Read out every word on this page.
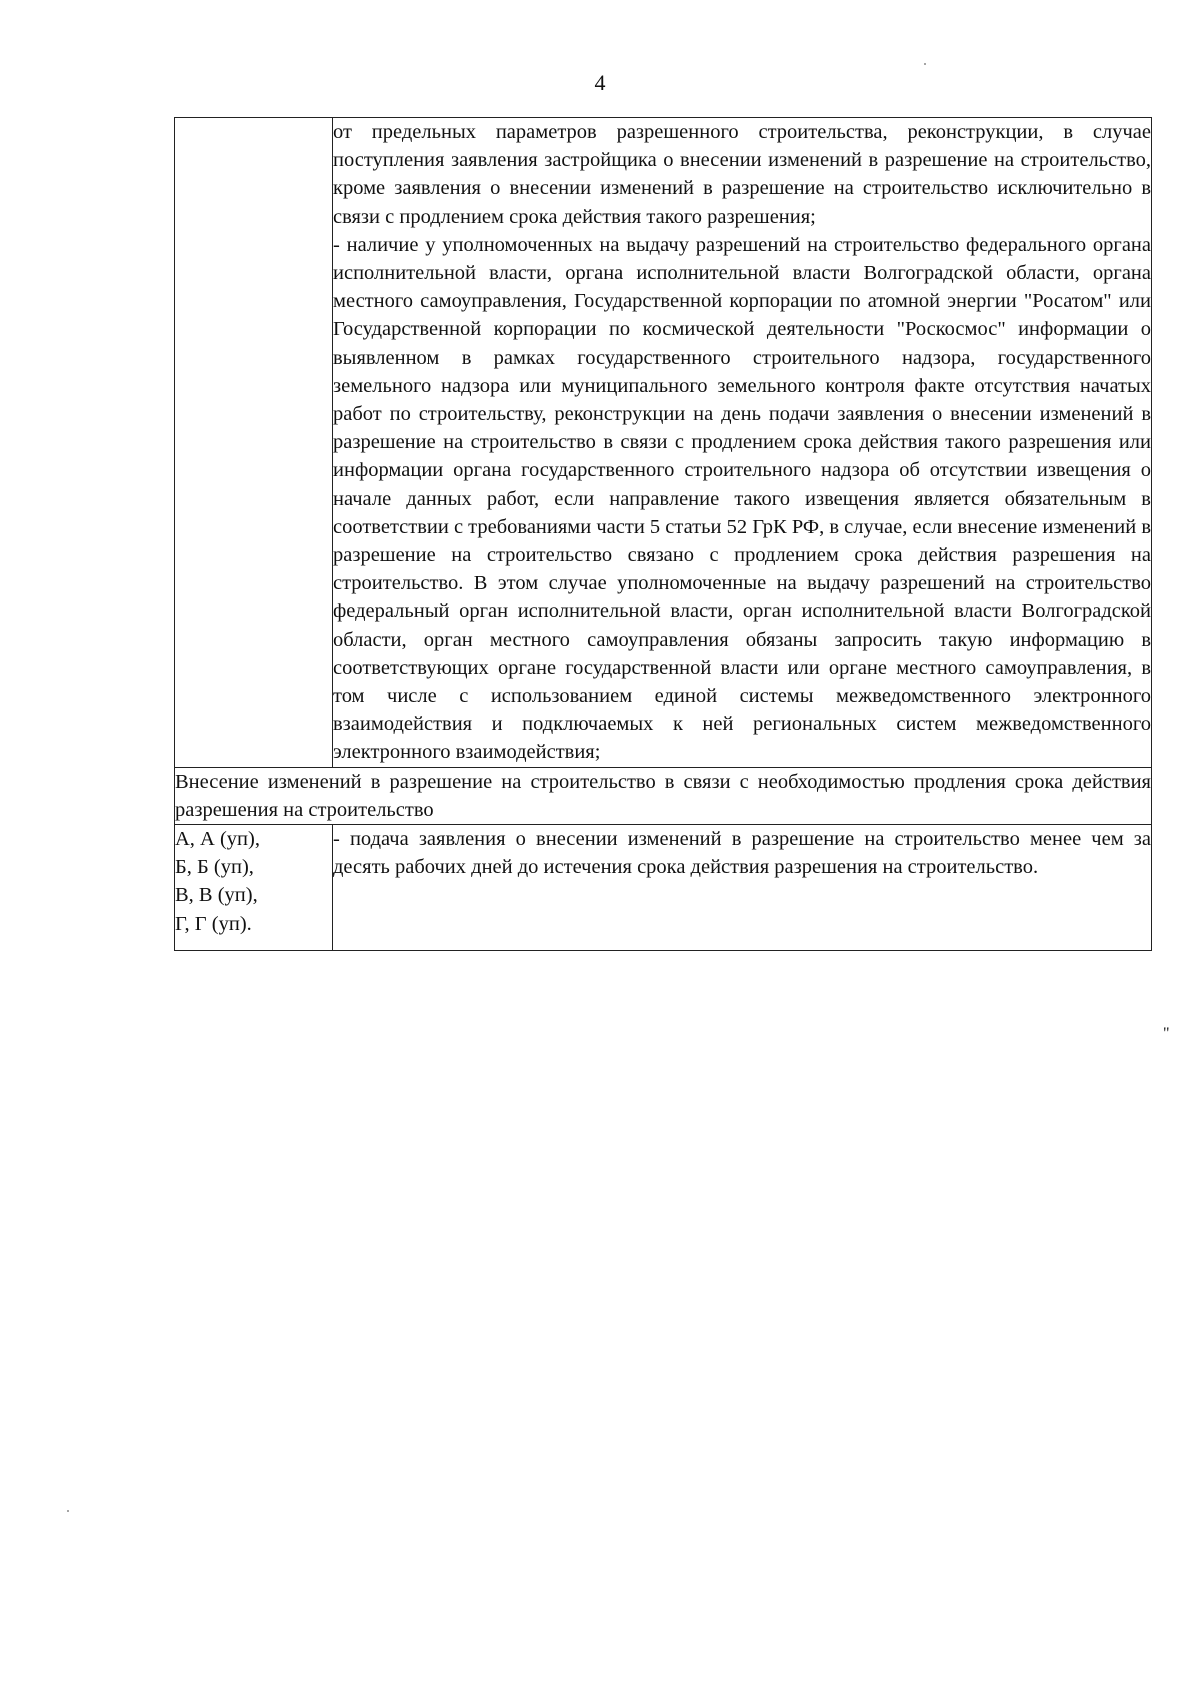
4

	от предельных параметров разрешенного строительства, реконструкции, в случае поступления заявления застройщика о внесении изменений в разрешение на строительство, кроме заявления о внесении изменений в разрешение на строительство исключительно в связи с продлением срока действия такого разрешения;
- наличие у уполномоченных на выдачу разрешений на строительство федерального органа исполнительной власти, органа исполнительной власти Волгоградской области, органа местного самоуправления, Государственной корпорации по атомной энергии "Росатом" или Государственной корпорации по космической деятельности "Роскосмос" информации о выявленном в рамках государственного строительного надзора, государственного земельного надзора или муниципального земельного контроля факте отсутствия начатых работ по строительству, реконструкции на день подачи заявления о внесении изменений в разрешение на строительство в связи с продлением срока действия такого разрешения или информации органа государственного строительного надзора об отсутствии извещения о начале данных работ, если направление такого извещения является обязательным в соответствии с требованиями части 5 статьи 52 ГрК РФ, в случае, если внесение изменений в разрешение на строительство связано с продлением срока действия разрешения на строительство. В этом случае уполномоченные на выдачу разрешений на строительство федеральный орган исполнительной власти, орган исполнительной власти Волгоградской области, орган местного самоуправления обязаны запросить такую информацию в соответствующих органе государственной власти или органе местного самоуправления, в том числе с использованием единой системы межведомственного электронного взаимодействия и подключаемых к ней региональных систем межведомственного электронного взаимодействия;

Внесение изменений в разрешение на строительство в связи с необходимостью продления срока действия разрешения на строительство	

А, А (уп),
Б, Б (уп),
В, В (уп),
Г, Г (уп).	- подача заявления о внесении изменений в разрешение на строительство менее чем за десять рабочих дней до истечения срока действия разрешения на строительство.
"
